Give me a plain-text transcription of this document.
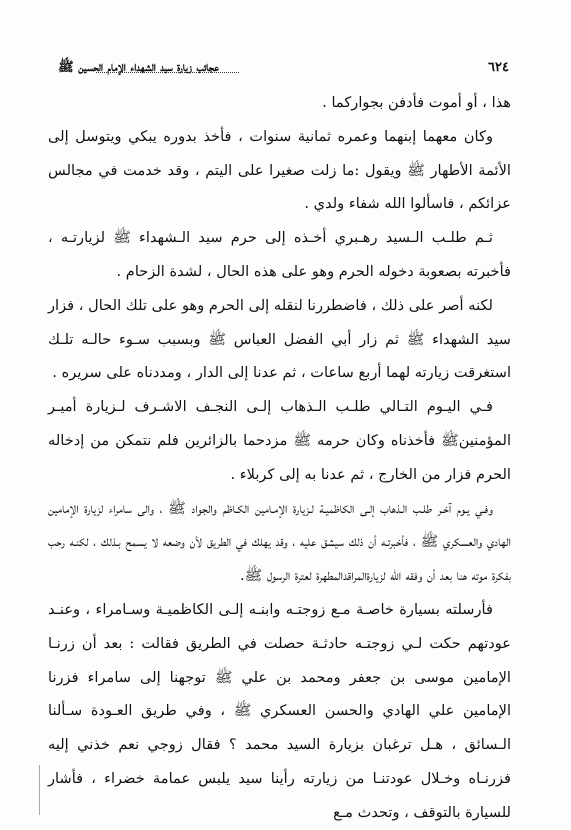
٦٢٤
عجائب زيارة سيد الشهداء الإمام الحسين ﷺ

هذا ، أو أموت فأدفن بجواركما .

وكان معهما إبنهما وعمره ثمانية سنوات ، فأخذ بدوره يبكي ويتوسل إلى الأئمة الأطهار ﷺ ويقول :ما زلت صغيرا على اليتم ، وقد خدمت في مجالس عزائكم ، فاسألوا الله شفاء ولدي .

ثـم طلـب الـسيد رهـبري أخـذه إلى حرم سيد الـشهداء ﷺ لزيارتـه ، فأخبرته بصعوبة دخوله الحرم وهو على هذه الحال ، لشدة الزحام .

لكنه أصر على ذلك ، فاضطررنا لنقله إلى الحرم وهو على تلك الحال ، فزار سيد الشهداء ﷺ ثم زار أبي الفضل العباس ﷺ وبسبب سـوء حالـه تلـك استغرقت زيارته لهما أربع ساعات ، ثم عدنا إلى الدار ، ومددناه على سريره .

فـي اليـوم التـالي طلـب الـذهاب إلـى النجـف الاشـرف لـزيارة أميـر المؤمنينﷺ فأخذناه وكان حرمه ﷺ مزدحما بالزائرين فلم نتمكن من إدخاله الحرم فزار من الخارج ، ثم عدنا به إلى كربلاء .

وفـي يـوم آخـر طلـب الـذهاب إلـى الكاظميـة لـزيارة الإمـامين الكـاظم والجواد ﷺ ، والى سامراء لزيارة الإمامين الهادي والعسكري ﷺ ، فأخبرتـه أن ذلك سيشق عليه ، وقد يهلك في الطريق لأن وضعه لا يسمح بـذلك ، لكنـه رحب بفكرة موته هنا بعد أن وفقه الله لزيارةالمراقدالمطهرة لعترة الرسول ﷺ.

فأرسلته بسيارة خاصـة مـع زوجتـه وابنـه إلـى الكاظميـة وسـامراء ، وعنـد عودتهم حكت لـي زوجتـه حادثـة حصلت في الطريق فقالت : بعد أن زرنـا الإمامين موسى بن جعفر ومحمد بن علي ﷺ توجهنا إلى سامراء فزرنا الإمامين علي الهادي والحسن العسكري ﷺ ، وفي طريق العـودة سـألنا الـسائق ، هـل ترغبان بزيارة السيد محمد ؟ فقال زوجي نعم خذني إليه فزرنـاه وخـلال عودتنـا من زيارته رأينا سيد يلبس عمامة خضراء ، فأشار للسيارة بالتوقف ، وتحدث مـع
